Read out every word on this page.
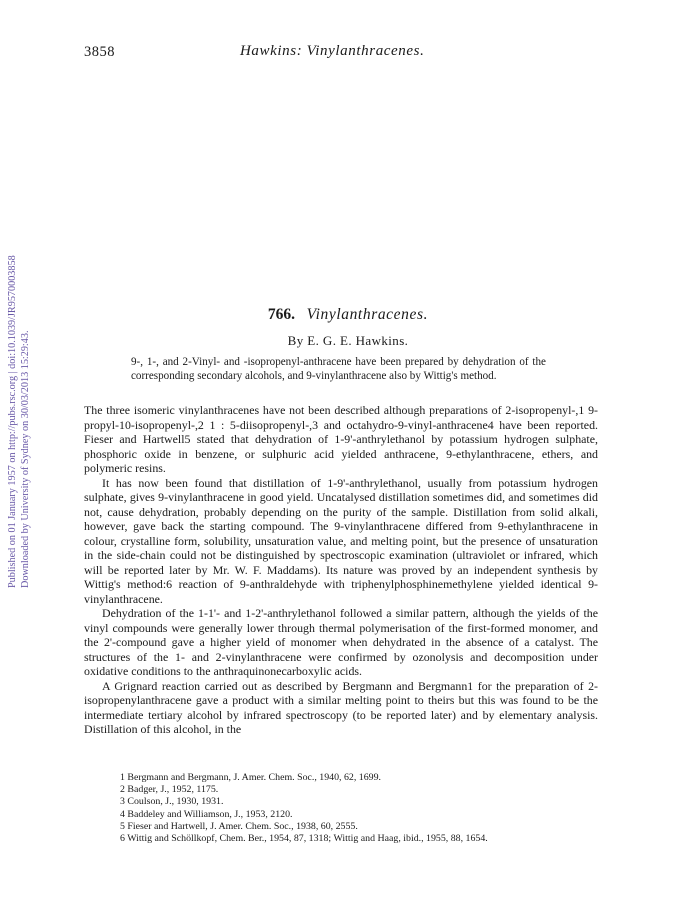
Published on 01 January 1957 on http://pubs.rsc.org | doi:10.1039/JR9570003858 Downloaded by University of Sydney on 30/03/2013 15:29:43.
3858	Hawkins: Vinylanthracenes.
766. Vinylanthracenes.
By E. G. E. Hawkins.
9-, 1-, and 2-Vinyl- and -isopropenyl-anthracene have been prepared by dehydration of the corresponding secondary alcohols, and 9-vinylanthracene also by Wittig's method.

The three isomeric vinylanthracenes have not been described although preparations of 2-isopropenyl-,1 9-propyl-10-isopropenyl-,2 1 : 5-diisopropenyl-,3 and octahydro-9-vinyl-anthracene4 have been reported. Fieser and Hartwell5 stated that dehydration of 1-9'-anthrylethanol by potassium hydrogen sulphate, phosphoric oxide in benzene, or sulphuric acid yielded anthracene, 9-ethylanthracene, ethers, and polymeric resins.

It has now been found that distillation of 1-9'-anthrylethanol, usually from potassium hydrogen sulphate, gives 9-vinylanthracene in good yield. Uncatalysed distillation sometimes did, and sometimes did not, cause dehydration, probably depending on the purity of the sample. Distillation from solid alkali, however, gave back the starting compound. The 9-vinylanthracene differed from 9-ethylanthracene in colour, crystalline form, solubility, unsaturation value, and melting point, but the presence of unsaturation in the side-chain could not be distinguished by spectroscopic examination (ultraviolet or infrared, which will be reported later by Mr. W. F. Maddams). Its nature was proved by an independent synthesis by Wittig's method:6 reaction of 9-anthraldehyde with triphenylphosphinemethylene yielded identical 9-vinylanthracene.

Dehydration of the 1-1'- and 1-2'-anthrylethanol followed a similar pattern, although the yields of the vinyl compounds were generally lower through thermal polymerisation of the first-formed monomer, and the 2'-compound gave a higher yield of monomer when dehydrated in the absence of a catalyst. The structures of the 1- and 2-vinylanthracene were confirmed by ozonolysis and decomposition under oxidative conditions to the anthraquinonecarboxylic acids.

A Grignard reaction carried out as described by Bergmann and Bergmann1 for the preparation of 2-isopropenylanthracene gave a product with a similar melting point to theirs but this was found to be the intermediate tertiary alcohol by infrared spectroscopy (to be reported later) and by elementary analysis. Distillation of this alcohol, in the

1 Bergmann and Bergmann, J. Amer. Chem. Soc., 1940, 62, 1699.
2 Badger, J., 1952, 1175.
3 Coulson, J., 1930, 1931.
4 Baddeley and Williamson, J., 1953, 2120.
5 Fieser and Hartwell, J. Amer. Chem. Soc., 1938, 60, 2555.
6 Wittig and Schöllkopf, Chem. Ber., 1954, 87, 1318; Wittig and Haag, ibid., 1955, 88, 1654.
